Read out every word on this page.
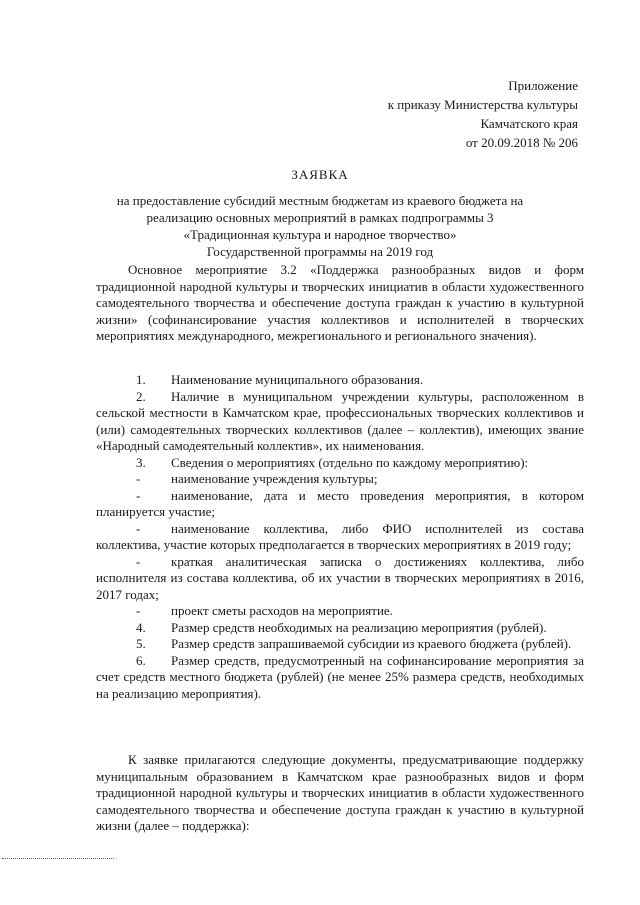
Приложение
к приказу Министерства культуры
Камчатского края
от 20.09.2018 № 206
ЗАЯВКА
на предоставление субсидий местным бюджетам из краевого бюджета на
реализацию основных мероприятий в рамках подпрограммы 3
«Традиционная культура и народное творчество»
Государственной программы на 2019 год
Основное мероприятие 3.2 «Поддержка разнообразных видов и форм традиционной народной культуры и творческих инициатив в области художественного самодеятельного творчества и обеспечение доступа граждан к участию в культурной жизни» (софинансирование участия коллективов и исполнителей в творческих мероприятиях международного, межрегионального и регионального значения).

1. Наименование муниципального образования.

2. Наличие в муниципальном учреждении культуры, расположенном в сельской местности в Камчатском крае, профессиональных творческих коллективов и (или) самодеятельных творческих коллективов (далее – коллектив), имеющих звание «Народный самодеятельный коллектив», их наименования.

3. Сведения о мероприятиях (отдельно по каждому мероприятию):

- наименование учреждения культуры;

- наименование, дата и место проведения мероприятия, в котором планируется участие;

- наименование коллектива, либо ФИО исполнителей из состава коллектива, участие которых предполагается в творческих мероприятиях в 2019 году;

- краткая аналитическая записка о достижениях коллектива, либо исполнителя из состава коллектива, об их участии в творческих мероприятиях в 2016, 2017 годах;

- проект сметы расходов на мероприятие.

4. Размер средств необходимых на реализацию мероприятия (рублей).

5. Размер средств запрашиваемой субсидии из краевого бюджета (рублей).

6. Размер средств, предусмотренный на софинансирование мероприятия за счет средств местного бюджета (рублей) (не менее 25% размера средств, необходимых на реализацию мероприятия).

К заявке прилагаются следующие документы, предусматривающие поддержку муниципальным образованием в Камчатском крае разнообразных видов и форм традиционной народной культуры и творческих инициатив в области художественного самодеятельного творчества и обеспечение доступа граждан к участию в культурной жизни (далее – поддержка):
